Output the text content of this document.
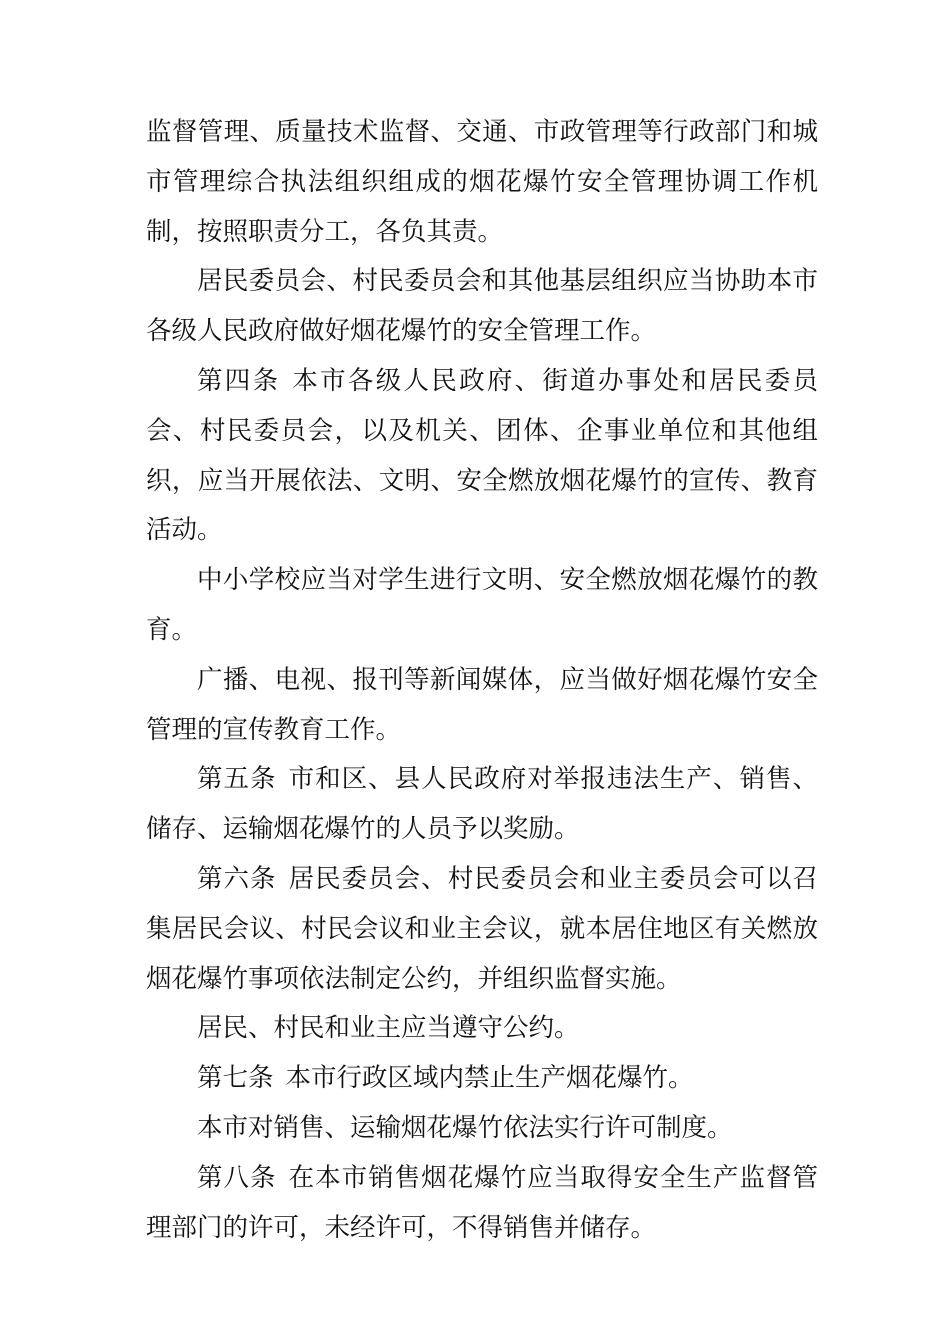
监督管理、质量技术监督、交通、市政管理等行政部门和城市管理综合执法组织组成的烟花爆竹安全管理协调工作机制，按照职责分工，各负其责。

居民委员会、村民委员会和其他基层组织应当协助本市各级人民政府做好烟花爆竹的安全管理工作。

第四条 本市各级人民政府、街道办事处和居民委员会、村民委员会，以及机关、团体、企事业单位和其他组织，应当开展依法、文明、安全燃放烟花爆竹的宣传、教育活动。

中小学校应当对学生进行文明、安全燃放烟花爆竹的教育。

广播、电视、报刊等新闻媒体，应当做好烟花爆竹安全管理的宣传教育工作。

第五条 市和区、县人民政府对举报违法生产、销售、储存、运输烟花爆竹的人员予以奖励。

第六条 居民委员会、村民委员会和业主委员会可以召集居民会议、村民会议和业主会议，就本居住地区有关燃放烟花爆竹事项依法制定公约，并组织监督实施。

居民、村民和业主应当遵守公约。

第七条 本市行政区域内禁止生产烟花爆竹。

本市对销售、运输烟花爆竹依法实行许可制度。

第八条 在本市销售烟花爆竹应当取得安全生产监督管理部门的许可，未经许可，不得销售并储存。
